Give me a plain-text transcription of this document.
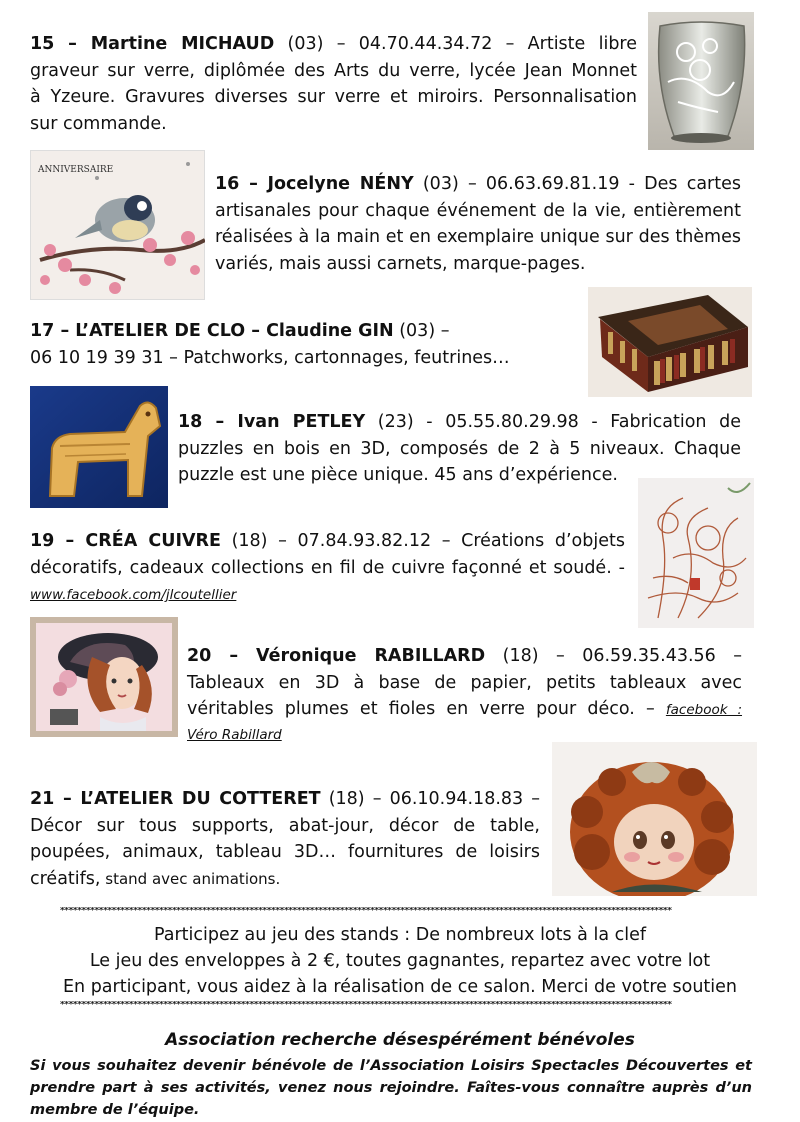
15 – Martine MICHAUD (03) – 04.70.44.34.72 – Artiste libre
graveur sur verre, diplômée des Arts du verre, lycée Jean Monnet
à Yzeure. Gravures diverses sur verre et miroirs. Personnalisation
sur commande.
ANNIVERSAIRE
16 – Jocelyne NÉNY (03) – 06.63.69.81.19 - Des cartes
artisanales pour chaque événement de la vie, entièrement
réalisées à la main et en exemplaire unique sur des thèmes
variés, mais aussi carnets, marque-pages.
17 – L’ATELIER DE CLO – Claudine GIN (03) –
06 10 19 39 31 – Patchworks, cartonnages, feutrines…
18 – Ivan PETLEY (23) - 05.55.80.29.98 - Fabrication de
puzzles en bois en 3D, composés de 2 à 5 niveaux. Chaque
puzzle est une pièce unique. 45 ans d’expérience.
19 – CRÉA CUIVRE (18) – 07.84.93.82.12 – Créations d’objets
décoratifs, cadeaux collections en fil de cuivre façonné et soudé. -
www.facebook.com/jlcoutellier
20 – Véronique RABILLARD (18) – 06.59.35.43.56 –
Tableaux en 3D à base de papier, petits tableaux avec
véritables plumes et fioles en verre pour déco. – facebook :
Véro Rabillard
21 – L’ATELIER DU COTTERET (18) – 06.10.94.18.83 –
Décor sur tous supports, abat-jour, décor de table,
poupées, animaux, tableau 3D… fournitures de loisirs
créatifs, stand avec animations.
**********************************************************************************************************************************************
Participez au jeu des stands : De nombreux lots à la clef
Le jeu des enveloppes à 2 €, toutes gagnantes, repartez avec votre lot
En participant, vous aidez à la réalisation de ce salon. Merci de votre soutien
**********************************************************************************************************************************************
Association recherche désespérément bénévoles
Si vous souhaitez devenir bénévole de l’Association Loisirs Spectacles Découvertes et
prendre part à ses activités, venez nous rejoindre. Faîtes-vous connaître auprès d’un
membre de l’équipe.
